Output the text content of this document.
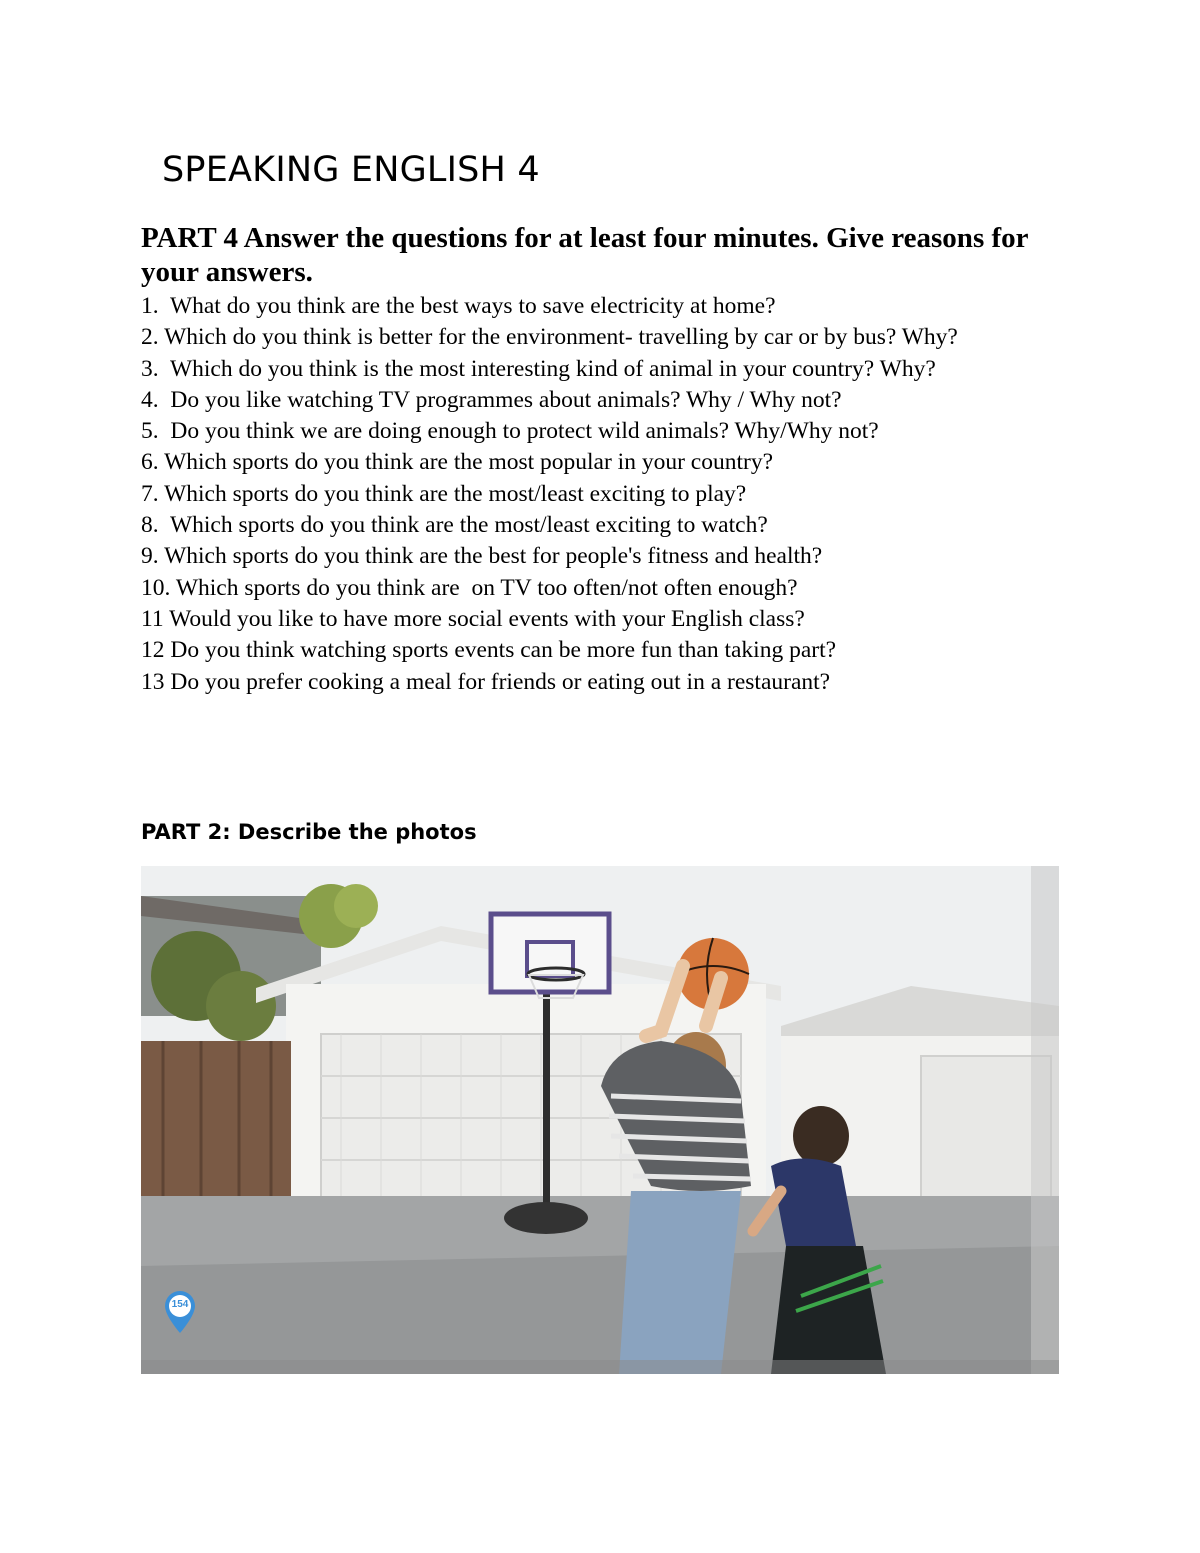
SPEAKING ENGLISH 4
PART 4 Answer the questions for at least four minutes. Give reasons for your answers.
1.  What do you think are the best ways to save electricity at home?
2. Which do you think is better for the environment- travelling by car or by bus? Why?
3.  Which do you think is the most interesting kind of animal in your country? Why?
4.  Do you like watching TV programmes about animals? Why / Why not?
5.  Do you think we are doing enough to protect wild animals? Why/Why not?
6. Which sports do you think are the most popular in your country?
7. Which sports do you think are the most/least exciting to play?
8.  Which sports do you think are the most/least exciting to watch?
9. Which sports do you think are the best for people's fitness and health?
10. Which sports do you think are  on TV too often/not often enough?
11 Would you like to have more social events with your English class?
12 Do you think watching sports events can be more fun than taking part?
13 Do you prefer cooking a meal for friends or eating out in a restaurant?
PART 2: Describe the photos
154
